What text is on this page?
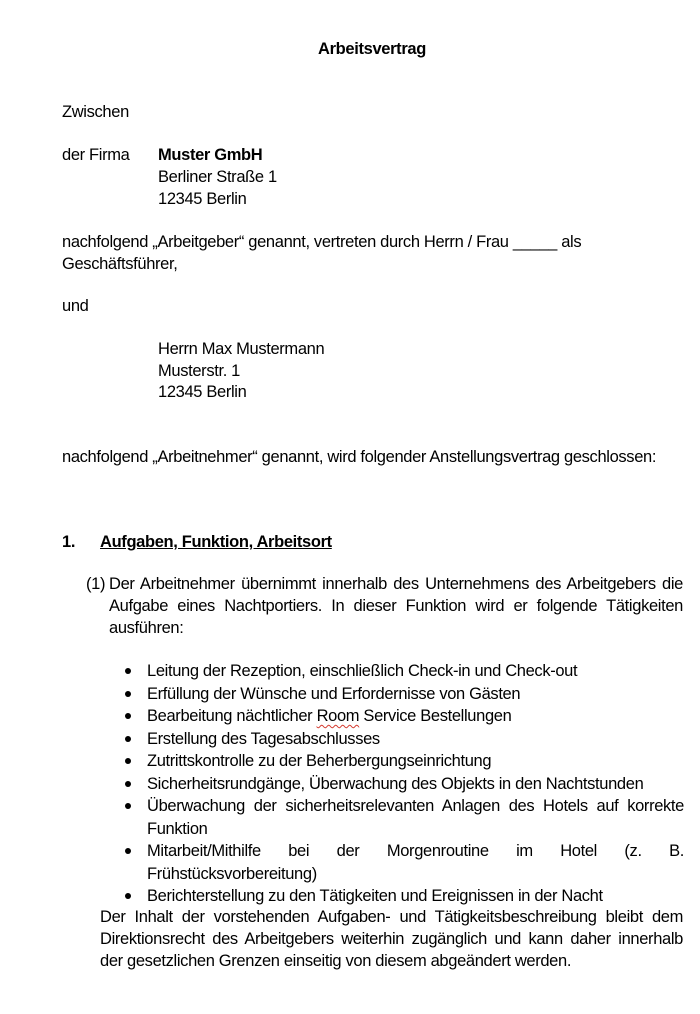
Arbeitsvertrag
Zwischen
der Firma Muster GmbH
Berliner Straße 1
12345 Berlin
nachfolgend „Arbeitgeber“ genannt, vertreten durch Herrn / Frau _____ als
Geschäftsführer,
und
Herrn Max Mustermann
Musterstr. 1
12345 Berlin
nachfolgend „Arbeitnehmer“ genannt, wird folgender Anstellungsvertrag geschlossen:
1. Aufgaben, Funktion, Arbeitsort
(1) Der Arbeitnehmer übernimmt innerhalb des Unternehmens des Arbeitgebers die Aufgabe eines Nachtportiers. In dieser Funktion wird er folgende Tätigkeiten ausführen:
Leitung der Rezeption, einschließlich Check-in und Check-out
Erfüllung der Wünsche und Erfordernisse von Gästen
Bearbeitung nächtlicher Room Service Bestellungen
Erstellung des Tagesabschlusses
Zutrittskontrolle zu der Beherbergungseinrichtung
Sicherheitsrundgänge, Überwachung des Objekts in den Nachtstunden
Überwachung der sicherheitsrelevanten Anlagen des Hotels auf korrekte Funktion
Mitarbeit/Mithilfe bei der Morgenroutine im Hotel (z. B. Frühstücksvorbereitung)
Berichterstellung zu den Tätigkeiten und Ereignissen in der Nacht
Der Inhalt der vorstehenden Aufgaben- und Tätigkeitsbeschreibung bleibt dem Direktionsrecht des Arbeitgebers weiterhin zugänglich und kann daher innerhalb der gesetzlichen Grenzen einseitig von diesem abgeändert werden.
